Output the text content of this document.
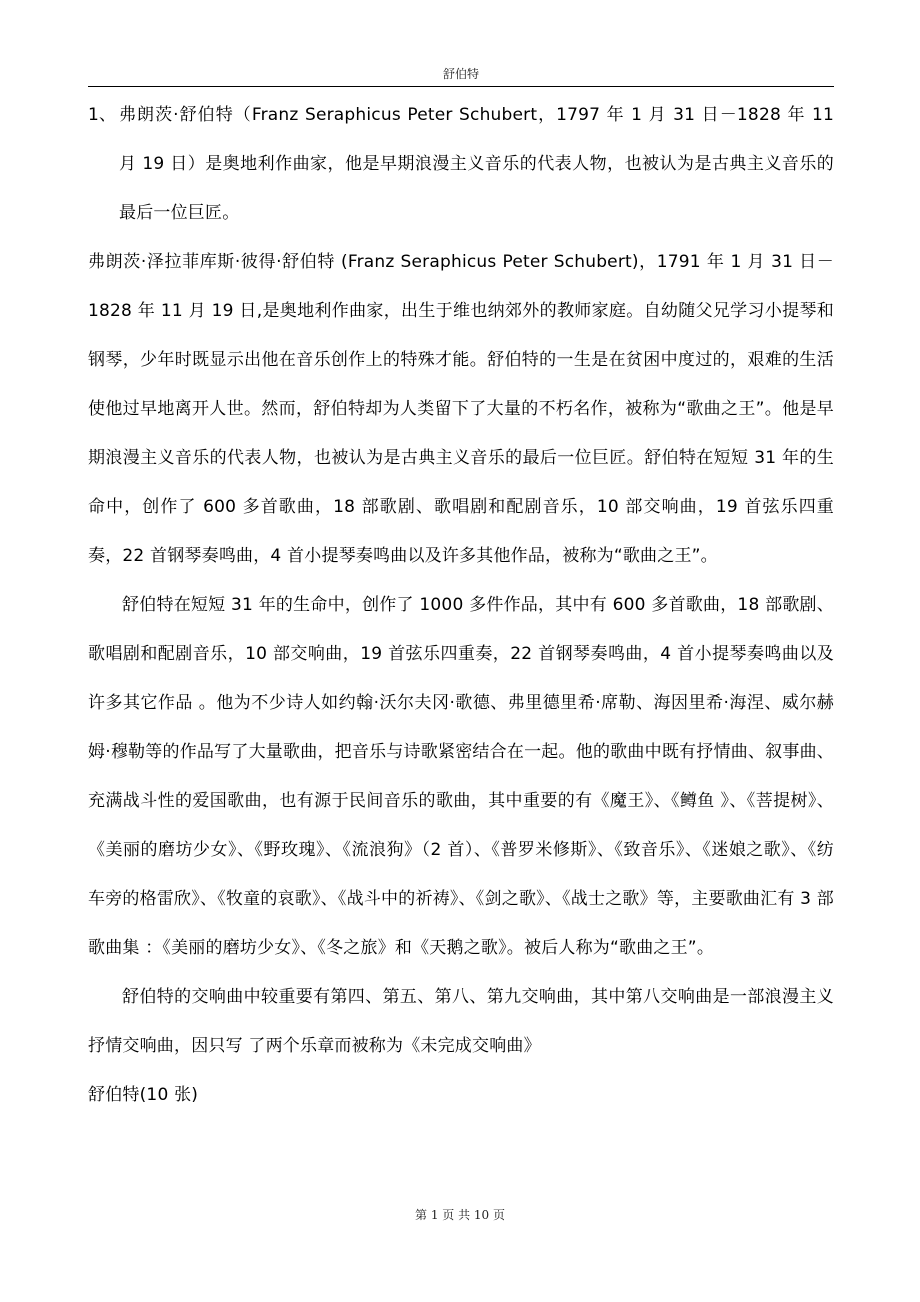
舒伯特

1、 弗朗茨·舒伯特（Franz Seraphicus Peter Schubert，1797 年 1 月 31 日－1828 年 11 月 19 日）是奥地利作曲家，他是早期浪漫主义音乐的代表人物，也被认为是古典主义音乐的最后一位巨匠。

弗朗茨·泽拉菲库斯·彼得·舒伯特 (Franz Seraphicus Peter Schubert)，1791 年 1 月 31 日－1828 年 11 月 19 日,是奥地利作曲家，出生于维也纳郊外的教师家庭。自幼随父兄学习小提琴和钢琴，少年时既显示出他在音乐创作上的特殊才能。舒伯特的一生是在贫困中度过的，艰难的生活使他过早地离开人世。然而，舒伯特却为人类留下了大量的不朽名作，被称为“歌曲之王”。他是早期浪漫主义音乐的代表人物，也被认为是古典主义音乐的最后一位巨匠。舒伯特在短短 31 年的生命中，创作了 600 多首歌曲，18 部歌剧、歌唱剧和配剧音乐，10 部交响曲，19 首弦乐四重奏，22 首钢琴奏鸣曲，4 首小提琴奏鸣曲以及许多其他作品，被称为“歌曲之王”。

舒伯特在短短 31 年的生命中，创作了 1000 多件作品，其中有 600 多首歌曲，18 部歌剧、歌唱剧和配剧音乐，10 部交响曲，19 首弦乐四重奏，22 首钢琴奏鸣曲，4 首小提琴奏鸣曲以及许多其它作品 。他为不少诗人如约翰·沃尔夫冈·歌德、弗里德里希·席勒、海因里希·海涅、威尔赫姆·穆勒等的作品写了大量歌曲，把音乐与诗歌紧密结合在一起。他的歌曲中既有抒情曲、叙事曲、充满战斗性的爱国歌曲，也有源于民间音乐的歌曲，其中重要的有《魔王》、《鳟鱼 》、《菩提树》、《美丽的磨坊少女》、《野玫瑰》、《流浪狗》（2 首）、《普罗米修斯》、《致音乐》、《迷娘之歌》、《纺车旁的格雷欣》、《牧童的哀歌》、《战斗中的祈祷》、《剑之歌》、《战士之歌》等，主要歌曲汇有 3 部歌曲集 ：《美丽的磨坊少女》、《冬之旅》和《天鹅之歌》。被后人称为“歌曲之王”。

舒伯特的交响曲中较重要有第四、第五、第八、第九交响曲，其中第八交响曲是一部浪漫主义抒情交响曲，因只写 了两个乐章而被称为《未完成交响曲》

舒伯特(10 张)

第 1 页 共 10 页
